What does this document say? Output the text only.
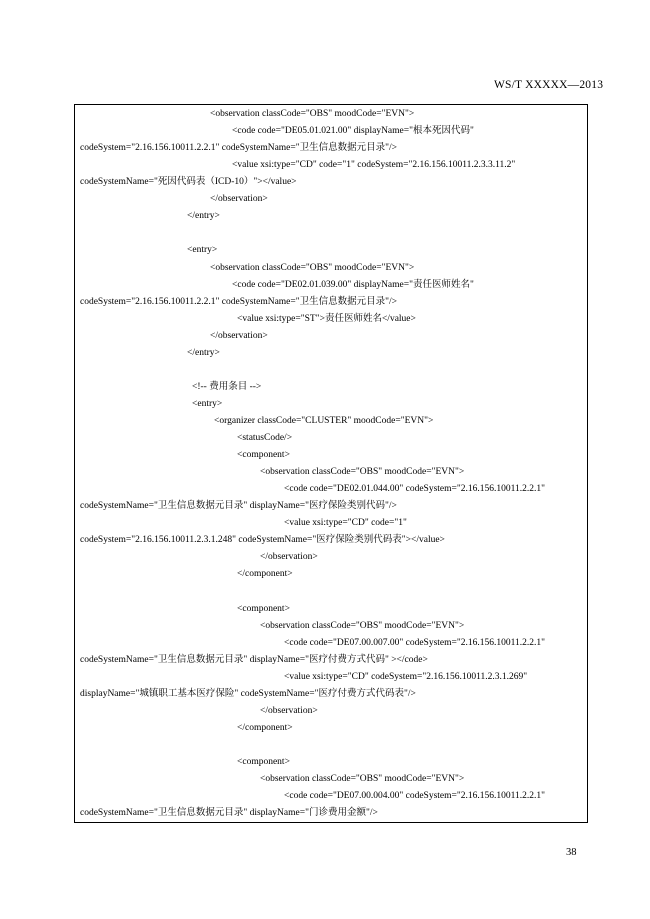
WS/T XXXXX—2013
<observation classCode="OBS" moodCode="EVN">
<code code="DE05.01.021.00" displayName="根本死因代码"
codeSystem="2.16.156.10011.2.2.1" codeSystemName="卫生信息数据元目录"/>
<value xsi:type="CD" code="1" codeSystem="2.16.156.10011.2.3.3.11.2"
codeSystemName="死因代码表（ICD-10）"></value>
</observation>
</entry>
<entry>
<observation classCode="OBS" moodCode="EVN">
<code code="DE02.01.039.00" displayName="责任医师姓名"
codeSystem="2.16.156.10011.2.2.1" codeSystemName="卫生信息数据元目录"/>
<value xsi:type="ST">责任医师姓名</value>
</observation>
</entry>
<!-- 费用条目 -->
<entry>
<organizer classCode="CLUSTER" moodCode="EVN">
<statusCode/>
<component>
<observation classCode="OBS" moodCode="EVN">
<code code="DE02.01.044.00" codeSystem="2.16.156.10011.2.2.1"
codeSystemName="卫生信息数据元目录" displayName="医疗保险类别代码"/>
<value xsi:type="CD" code="1"
codeSystem="2.16.156.10011.2.3.1.248" codeSystemName="医疗保险类别代码表"></value>
</observation>
</component>
<component>
<observation classCode="OBS" moodCode="EVN">
<code code="DE07.00.007.00" codeSystem="2.16.156.10011.2.2.1"
codeSystemName="卫生信息数据元目录" displayName="医疗付费方式代码" ></code>
<value xsi:type="CD" codeSystem="2.16.156.10011.2.3.1.269"
displayName="城镇职工基本医疗保险" codeSystemName="医疗付费方式代码表"/>
</observation>
</component>
<component>
<observation classCode="OBS" moodCode="EVN">
<code code="DE07.00.004.00" codeSystem="2.16.156.10011.2.2.1"
codeSystemName="卫生信息数据元目录" displayName="门诊费用金额"/>
38
